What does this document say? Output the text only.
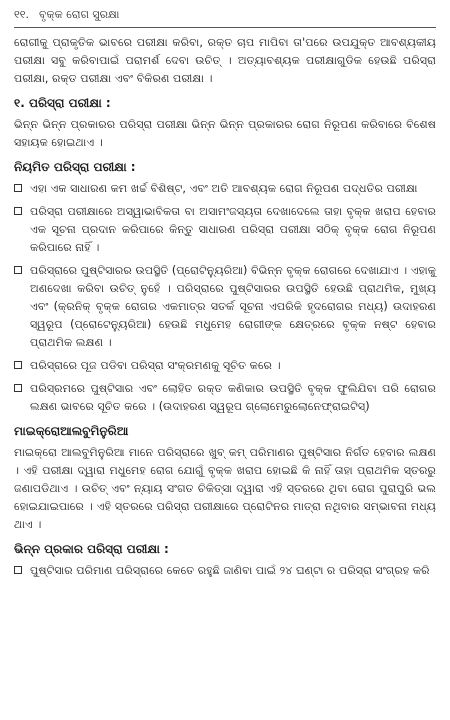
୧୧. ବୃକ୍କ ରୋଗ ସୁରକ୍ଷା

ରୋଗୀକୁ ପ୍ରାକୃତିକ ଭାବରେ ପରୀକ୍ଷା କରିବା, ରକ୍ତ ଚାପ ମାପିବା ତା'ପରେ ଉପଯୁକ୍ତ ଆବଶ୍ୟକୀୟ ପରୀକ୍ଷା ସବୁ କରିବାପାଇଁ ପରାମର୍ଶ ଦେବା ଉଚିତ୍ । ଅତ୍ୟାବଶ୍ୟକ ପରୀକ୍ଷାଗୁଡିକ ହେଉଛି ପରିସ୍ରା ପରୀକ୍ଷା, ରକ୍ତ ପରୀକ୍ଷା ଏବଂ ବିକିରଣ ପରୀକ୍ଷା ।

୧. ପରିସ୍ରା ପରୀକ୍ଷା :

ଭିନ୍ନ ଭିନ୍ନ ପ୍ରକାରର ପରିସ୍ରା ପରୀକ୍ଷା ଭିନ୍ନ ଭିନ୍ନ ପ୍ରକାରର ରୋଗ ନିରୂପଣ କରିବାରେ ବିଶେଷ ସହାୟକ ହୋଇଥାଏ ।

ନିୟମିତ ପରିସ୍ରା ପରୀକ୍ଷା :
ଏହା ଏକ ସାଧାରଣ କମ ଖର୍ଚ୍ଚ ବିଶିଷ୍ଟ, ଏବଂ ଅତି ଆବଶ୍ୟକ ରୋଗ ନିରୂପଣ ପଦ୍ଧତିର ପରୀକ୍ଷା
ପରିସ୍ରା ପରୀକ୍ଷାରେ ଅସ୍ୱାଭାବିକତା ବା ଅସାମଂଜସ୍ୟତା ଦେଖାଦେଲେ ତାହା ବୃକ୍କ ଖରାପ ହେବାର ଏକ ସୂଚନା ପ୍ରଦାନ କରିପାରେ କିନ୍ତୁ ସାଧାରଣ ପରିସ୍ରା ପରୀକ୍ଷା ସଠିକ୍ ବୃକ୍କ ରୋଗ ନିରୂପଣ କରିପାରେ ନାହିଁ ।
ପରିସ୍ରାରେ ପୁଷ୍ଟିସାରର ଉପସ୍ଥିତି (ପ୍ରୋଟିନ୍ୟୁରିଆ) ବିଭିନ୍ନ ବୃକ୍କ ରୋଗରେ ଦେଖାଯାଏ । ଏହାକୁ ଅଣଦେଖା କରିବା ଉଚିତ୍ ନୁହେଁ । ପରିସ୍ରାରେ ପୁଷ୍ଟିସାରର ଉପସ୍ଥିତି ହେଉଛି ପ୍ରାଥମିକ, ମୁଖ୍ୟ ଏବଂ (କ୍ରନିକ୍ ବୃକ୍କ ରୋଗର ଏକମାତ୍ର ସତର୍କ ସୂଚନା ଏପରିକି ହୃଦରୋଗର ମଧ୍ୟ) ଉଦାହରଣ ସ୍ୱରୂପ (ପ୍ରୋଟେନ୍ୟୁରିଆ) ହେଉଛି ମଧୁମେହ ରୋଗୀଙ୍କ କ୍ଷେତ୍ରରେ ବୃକ୍କ ନଷ୍ଟ ହେବାର ପ୍ରାଥମିକ ଲକ୍ଷଣ ।
ପରିସ୍ରାରେ ପୂଜ ପଡିବା ପରିସ୍ରା ସଂକ୍ରମଣକୁ ସୂଚିତ କରେ ।
ପରିସ୍ରମରେ ପୁଷ୍ଟିସାର ଏବଂ ଲୋହିତ ରକ୍ତ କଣିକାର ଉପସ୍ଥିତି ବୃକ୍କ ଫୁଲିଯିବା ପରି ରୋଗର ଲକ୍ଷଣ ଭାବରେ ସୂଚିତ କରେ । (ଉଦାହରଣ ସ୍ୱରୂପ ଗ୍ଲୋମେରୁଲୋନେଫ୍ରାଇଟିସ୍)
ମାଇକ୍ରୋଆଲବୁମିନୁରିଆ

ମାଇକ୍ରୋ ଆଲବୁମିନୁରିଆ ମାନେ ପରିସ୍ରାରେ ଖୁବ୍ କମ୍ ପରିମାଣର ପୁଷ୍ଟିସାର ନିର୍ଗତ ହେବାର ଲକ୍ଷଣ । ଏହି ପରୀକ୍ଷା ଦ୍ୱାରା ମଧୁମେହ ରୋଗ ଯୋଗୁଁ ବୃକ୍କ ଖରାପ ହୋଇଛି କି ନାହିଁ ତାହା ପ୍ରାଥମିକ ସ୍ତରରୁ ଜଣାପଡିଥାଏ । ଉଚିତ୍ ଏବଂ ନ୍ୟାୟ ସଂଗତ ଚିକିତ୍ସା ଦ୍ୱାରା ଏହି ସ୍ତରରେ ଥିବା ରୋଗ ପୁରାପୁରି ଭଲ ହୋଇଯାଇପାରେ । ଏହି ସ୍ତରରେ ପରିସ୍ରା ପରୀକ୍ଷାରେ ପ୍ରୋଟିନର ମାତ୍ରା ନଥିବାର ସମ୍ଭାବନା ମଧ୍ୟ ଥାଏ ।

ଭିନ୍ନ ପ୍ରକାର ପରିସ୍ରା ପରୀକ୍ଷା :
ପୁଷ୍ଟିସାର ପରିମାଣ ପରିସ୍ରାରେ କେତେ ରହୁଛି ଜାଣିବା ପାଇଁ ୨୪ ଘଣ୍ଟା ର ପରିସ୍ରା ସଂଗ୍ରହ କରି
